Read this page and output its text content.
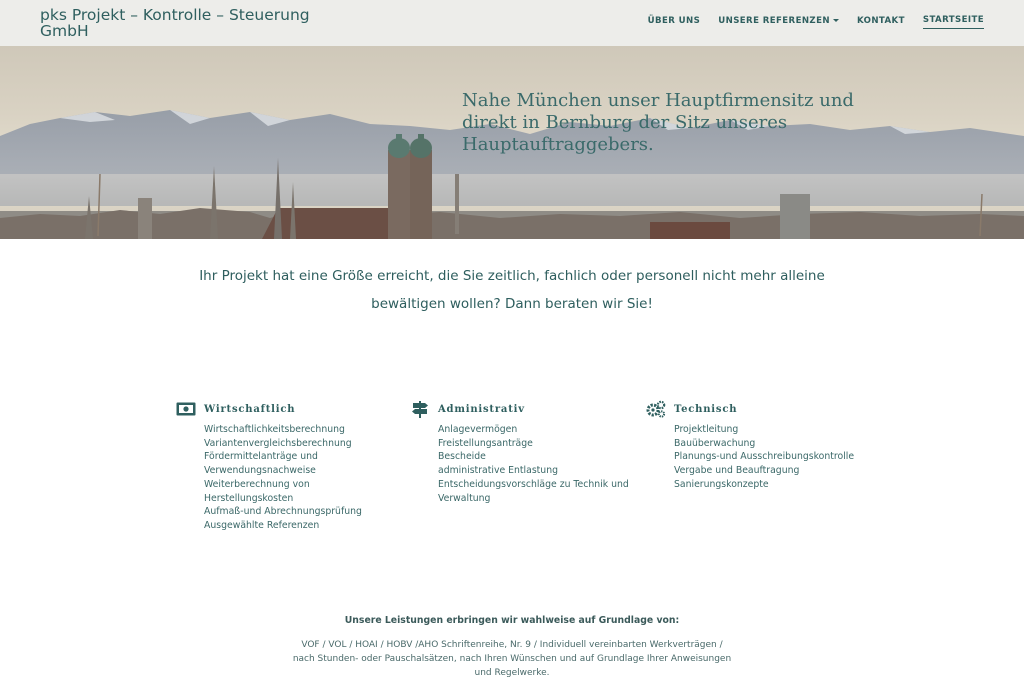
pks Projekt – Kontrolle – Steuerung GmbH
ÜBER UNS UNSERE REFERENZEN	KONTAKT STARTSEITE
Nahe München unser Hauptfirmensitz und direkt in Bernburg der Sitz unseres Hauptauftraggebers.
Ihr Projekt hat eine Größe erreicht, die Sie zeitlich, fachlich oder personell nicht mehr alleine bewältigen wollen? Dann beraten wir Sie!
Wirtschaftlich
Wirtschaftlichkeitsberechnung
Variantenvergleichsberechnung
Fördermittelanträge und Verwendungsnachweise
Weiterberechnung von Herstellungskosten
Aufmaß-und Abrechnungsprüfung
Ausgewählte Referenzen
Administrativ
Anlagevermögen
Freistellungsanträge
Bescheide
administrative Entlastung
Entscheidungsvorschläge zu Technik und Verwaltung
Technisch
Projektleitung
Bauüberwachung
Planungs-und Ausschreibungskontrolle
Vergabe und Beauftragung
Sanierungskonzepte
Unsere Leistungen erbringen wir wahlweise auf Grundlage von:
VOF / VOL / HOAI / HOBV /AHO Schriftenreihe, Nr. 9 / Individuell vereinbarten Werkverträgen / nach Stunden- oder Pauschalsätzen, nach Ihren Wünschen und auf Grundlage Ihrer Anweisungen und Regelwerke.
